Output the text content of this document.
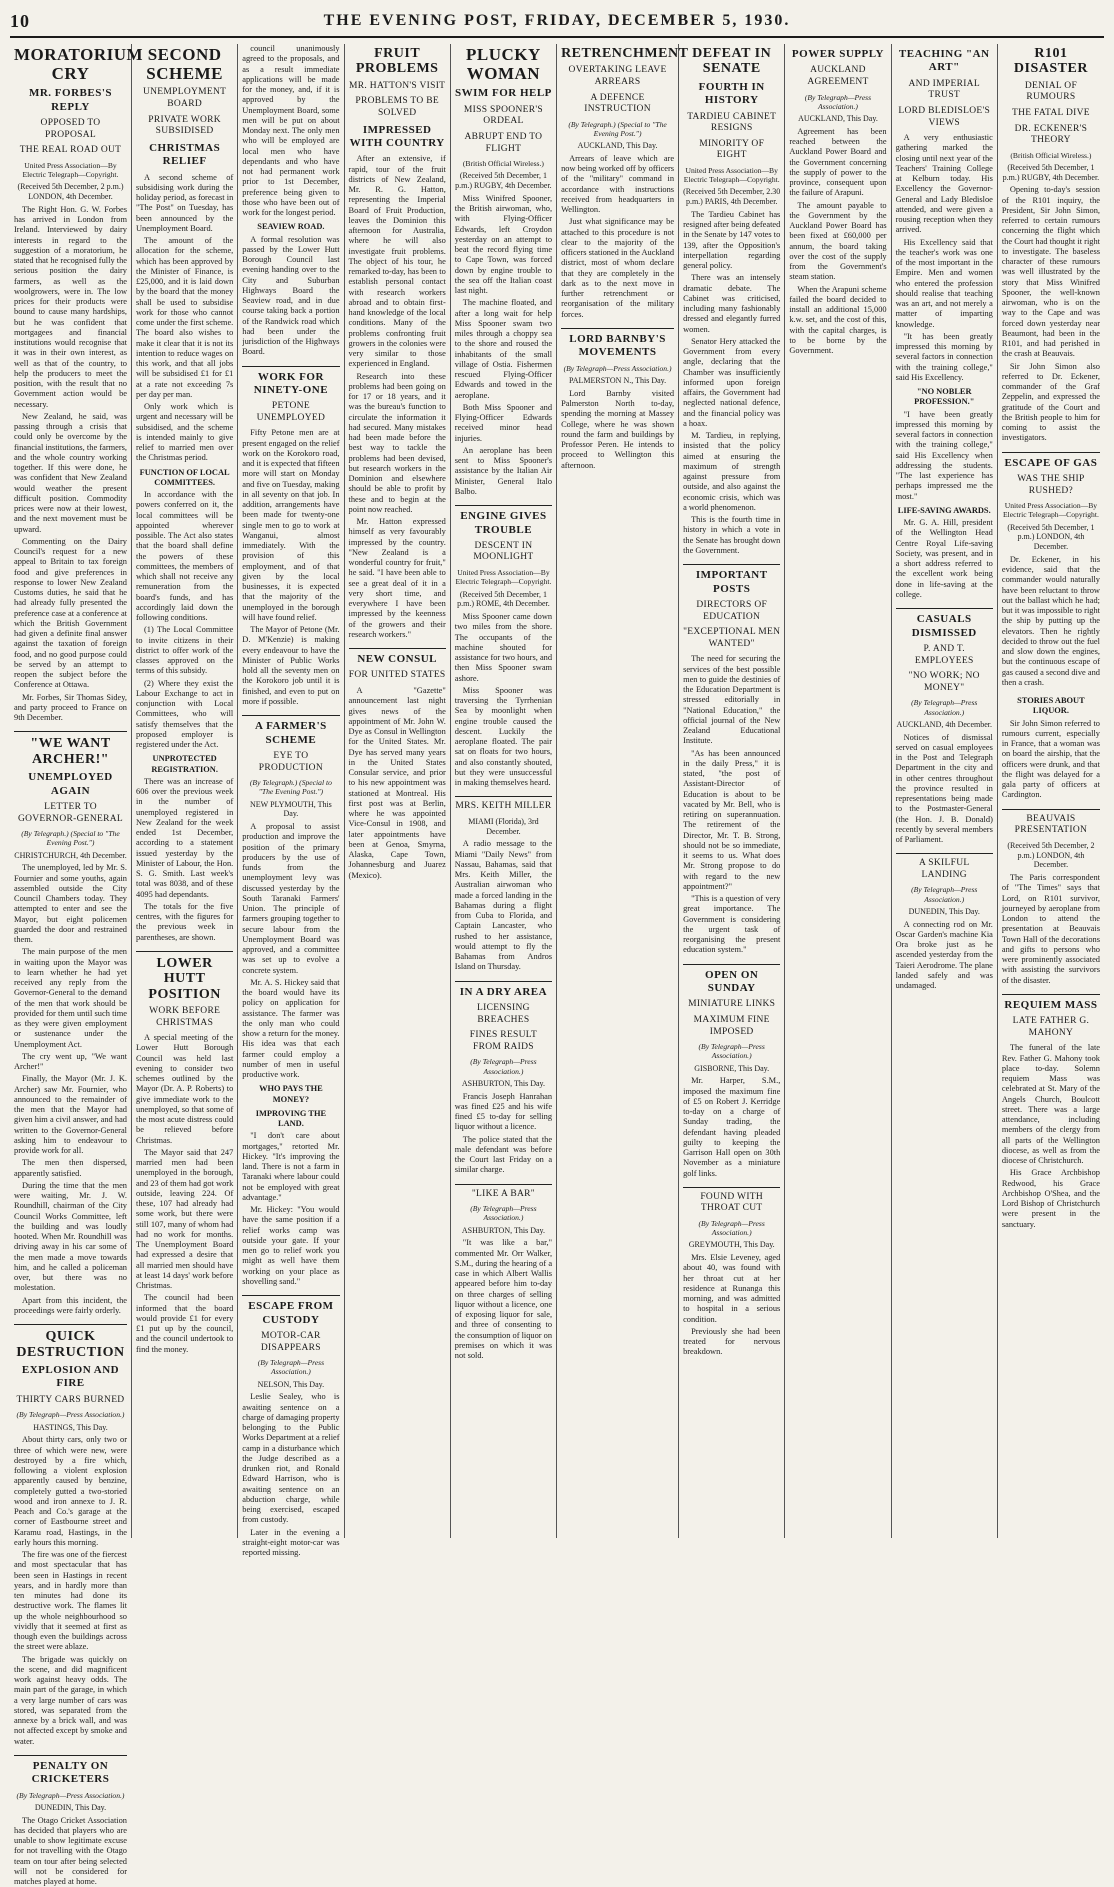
10	THE EVENING POST, FRIDAY, DECEMBER 5, 1930.
MORATORIUM CRY
MR. FORBES'S REPLY
OPPOSED TO PROPOSAL
THE REAL ROAD OUT
United Press Association—By Electric Telegraph—Copyright.
(Received 5th December, 2 p.m.) LONDON, 4th December.

The Right Hon. G. W. Forbes has arrived in London from Ireland. Interviewed by dairy interests in regard to the suggestion of a moratorium, he stated that he recognised fully the serious position the dairy farmers, as well as the woolgrowers, were in. The low prices for their products were bound to cause many hardships, but he was confident that mortgagees and financial institutions would recognise that it was in their own interest, as well as that of the country, to help the producers to meet the position, with the result that no Government action would be necessary.

New Zealand, he said, was passing through a crisis that could only be overcome by the financial institutions, the farmers, and the whole country working together. If this were done, he was confident that New Zealand would weather the present difficult position. Commodity prices were now at their lowest, and the next movement must be upward.

Commenting on the Dairy Council's request for a new appeal to Britain to tax foreign food and give preferences in response to lower New Zealand Customs duties, he said that he had already fully presented the preference case at a conference at which the British Government had given a definite final answer against the taxation of foreign food, and no good purpose could be served by an attempt to reopen the subject before the Conference at Ottawa.

Mr. Forbes, Sir Thomas Sidey, and party proceed to France on 9th December.

"WE WANT ARCHER!"
UNEMPLOYED AGAIN
LETTER TO GOVERNOR-GENERAL
(By Telegraph.) (Special to "The Evening Post.")
CHRISTCHURCH, 4th December.

The unemployed, led by Mr. S. Fournier and some youths, again assembled outside the City Council Chambers today. They attempted to enter and see the Mayor, but eight policemen guarded the door and restrained them.

The main purpose of the men in waiting upon the Mayor was to learn whether he had yet received any reply from the Governor-General to the demand of the men that work should be provided for them until such time as they were given employment or sustenance under the Unemployment Act.

The cry went up, "We want Archer!"

Finally, the Mayor (Mr. J. K. Archer) saw Mr. Fournier, who announced to the remainder of the men that the Mayor had given him a civil answer, and had written to the Governor-General asking him to endeavour to provide work for all.

The men then dispersed, apparently satisfied.

During the time that the men were waiting, Mr. J. W. Roundhill, chairman of the City Council Works Committee, left the building and was loudly hooted. When Mr. Roundhill was driving away in his car some of the men made a move towards him, and he called a policeman over, but there was no molestation.

Apart from this incident, the proceedings were fairly orderly.

QUICK DESTRUCTION
EXPLOSION AND FIRE
THIRTY CARS BURNED
(By Telegraph—Press Association.)
HASTINGS, This Day.

About thirty cars, only two or three of which were new, were destroyed by a fire which, following a violent explosion apparently caused by benzine, completely gutted a two-storied wood and iron annexe to J. R. Peach and Co.'s garage at the corner of Eastbourne street and Karamu road, Hastings, in the early hours this morning.

The fire was one of the fiercest and most spectacular that has been seen in Hastings in recent years, and in hardly more than ten minutes had done its destructive work. The flames lit up the whole neighbourhood so vividly that it seemed at first as though even the buildings across the street were ablaze.

The brigade was quickly on the scene, and did magnificent work against heavy odds. The main part of the garage, in which a very large number of cars was stored, was separated from the annexe by a brick wall, and was not affected except by smoke and water.

PENALTY ON CRICKETERS
(By Telegraph—Press Association.)
DUNEDIN, This Day.

The Otago Cricket Association has decided that players who are unable to show legitimate excuse for not travelling with the Otago team on tour after being selected will not be considered for matches played at home.

SECOND SCHEME
UNEMPLOYMENT BOARD
PRIVATE WORK SUBSIDISED
CHRISTMAS RELIEF

A second scheme of subsidising work during the holiday period, as forecast in "The Post" on Tuesday, has been announced by the Unemployment Board.

The amount of the allocation for the scheme, which has been approved by the Minister of Finance, is £25,000, and it is laid down by the board that the money shall be used to subsidise work for those who cannot come under the first scheme. The board also wishes to make it clear that it is not its intention to reduce wages on this work, and that all jobs will be subsidised £1 for £1 at a rate not exceeding 7s per day per man.

Only work which is urgent and necessary will be subsidised, and the scheme is intended mainly to give relief to married men over the Christmas period.

FUNCTION OF LOCAL COMMITTEES.

In accordance with the powers conferred on it, the local committees will be appointed wherever possible. The Act also states that the board shall define the powers of these committees, the members of which shall not receive any remuneration from the board's funds, and has accordingly laid down the following conditions.

(1) The Local Committee to invite citizens in their district to offer work of the classes approved on the terms of this subsidy.

(2) Where they exist the Labour Exchange to act in conjunction with Local Committees, who will satisfy themselves that the proposed employer is registered under the Act.

UNPROTECTED REGISTRATION.

There was an increase of 606 over the previous week in the number of unemployed registered in New Zealand for the week ended 1st December, according to a statement issued yesterday by the Minister of Labour, the Hon. S. G. Smith. Last week's total was 8038, and of these 4095 had dependants.

The totals for the five centres, with the figures for the previous week in parentheses, are shown.

LOWER HUTT POSITION
WORK BEFORE CHRISTMAS

A special meeting of the Lower Hutt Borough Council was held last evening to consider two schemes outlined by the Mayor (Dr. A. P. Roberts) to give immediate work to the unemployed, so that some of the most acute distress could be relieved before Christmas.

The Mayor said that 247 married men had been unemployed in the borough, and 23 of them had got work outside, leaving 224. Of these, 107 had already had some work, but there were still 107, many of whom had had no work for months. The Unemployment Board had expressed a desire that all married men should have at least 14 days' work before Christmas.

The council had been informed that the board would provide £1 for every £1 put up by the council, and the council undertook to find the money.

council unanimously agreed to the proposals, and as a result immediate applications will be made for the money, and, if it is approved by the Unemployment Board, some men will be put on about Monday next. The only men who will be employed are local men who have dependants and who have not had permanent work prior to 1st December, preference being given to those who have been out of work for the longest period.

SEAVIEW ROAD.

A formal resolution was passed by the Lower Hutt Borough Council last evening handing over to the City and Suburban Highways Board the Seaview road, and in due course taking back a portion of the Randwick road which had been under the jurisdiction of the Highways Board.

WORK FOR NINETY-ONE
PETONE UNEMPLOYED

Fifty Petone men are at present engaged on the relief work on the Korokoro road, and it is expected that fifteen more will start on Monday and five on Tuesday, making in all seventy on that job. In addition, arrangements have been made for twenty-one single men to go to work at Wanganui, almost immediately. With the provision of this employment, and of that given by the local businesses, it is expected that the majority of the unemployed in the borough will have found relief.

The Mayor of Petone (Mr. D. M'Kenzie) is making every endeavour to have the Minister of Public Works hold all the seventy men on the Korokoro job until it is finished, and even to put on more if possible.

A FARMER'S SCHEME
EYE TO PRODUCTION
(By Telegraph.) (Special to "The Evening Post.")
NEW PLYMOUTH, This Day.

A proposal to assist production and improve the position of the primary producers by the use of funds from the unemployment levy was discussed yesterday by the South Taranaki Farmers' Union. The principle of farmers grouping together to secure labour from the Unemployment Board was approved, and a committee was set up to evolve a concrete system.

Mr. A. S. Hickey said that the board would have its policy on application for assistance. The farmer was the only man who could show a return for the money. His idea was that each farmer could employ a number of men in useful productive work.

WHO PAYS THE MONEY?
IMPROVING THE LAND.

"I don't care about mortgages," retorted Mr. Hickey. "It's improving the land. There is not a farm in Taranaki where labour could not be employed with great advantage."

Mr. Hickey: "You would have the same position if a relief works camp was outside your gate. If your men go to relief work you might as well have them working on your place as shovelling sand."

ESCAPE FROM CUSTODY
MOTOR-CAR DISAPPEARS
(By Telegraph—Press Association.)
NELSON, This Day.

Leslie Sealey, who is awaiting sentence on a charge of damaging property belonging to the Public Works Department at a relief camp in a disturbance which the Judge described as a drunken riot, and Ronald Edward Harrison, who is awaiting sentence on an abduction charge, while being exercised, escaped from custody.

Later in the evening a straight-eight motor-car was reported missing.

FRUIT PROBLEMS
MR. HATTON'S VISIT
PROBLEMS TO BE SOLVED
IMPRESSED WITH COUNTRY

After an extensive, if rapid, tour of the fruit districts of New Zealand, Mr. R. G. Hatton, representing the Imperial Board of Fruit Production, leaves the Dominion this afternoon for Australia, where he will also investigate fruit problems. The object of his tour, he remarked to-day, has been to establish personal contact with research workers abroad and to obtain first-hand knowledge of the local conditions. Many of the problems confronting fruit growers in the colonies were very similar to those experienced in England.

Research into these problems had been going on for 17 or 18 years, and it was the bureau's function to circulate the information it had secured. Many mistakes had been made before the best way to tackle the problems had been devised, but research workers in the Dominion and elsewhere should be able to profit by these and to begin at the point now reached.

Mr. Hatton expressed himself as very favourably impressed by the country. "New Zealand is a wonderful country for fruit," he said. "I have been able to see a great deal of it in a very short time, and everywhere I have been impressed by the keenness of the growers and their research workers."

NEW CONSUL
FOR UNITED STATES

A "Gazette" announcement last night gives news of the appointment of Mr. John W. Dye as Consul in Wellington for the United States. Mr. Dye has served many years in the United States Consular service, and prior to his new appointment was stationed at Montreal. His first post was at Berlin, where he was appointed Vice-Consul in 1908, and later appointments have been at Genoa, Smyrna, Alaska, Cape Town, Johannesburg and Juarez (Mexico).

PLUCKY WOMAN
SWIM FOR HELP
MISS SPOONER'S ORDEAL
ABRUPT END TO FLIGHT
(British Official Wireless.)
(Received 5th December, 1 p.m.) RUGBY, 4th December.

Miss Winifred Spooner, the British airwoman, who, with Flying-Officer Edwards, left Croydon yesterday on an attempt to beat the record flying time to Cape Town, was forced down by engine trouble to the sea off the Italian coast last night.

The machine floated, and after a long wait for help Miss Spooner swam two miles through a choppy sea to the shore and roused the inhabitants of the small village of Ostia. Fishermen rescued Flying-Officer Edwards and towed in the aeroplane.

Both Miss Spooner and Flying-Officer Edwards received minor head injuries.

An aeroplane has been sent to Miss Spooner's assistance by the Italian Air Minister, General Italo Balbo.

ENGINE GIVES TROUBLE
DESCENT IN MOONLIGHT
United Press Association—By Electric Telegraph—Copyright.
(Received 5th December, 1 p.m.) ROME, 4th December.

Miss Spooner came down two miles from the shore. The occupants of the machine shouted for assistance for two hours, and then Miss Spooner swam ashore.

Miss Spooner was traversing the Tyrrhenian Sea by moonlight when engine trouble caused the descent. Luckily the aeroplane floated. The pair sat on floats for two hours, and also constantly shouted, but they were unsuccessful in making themselves heard.

MRS. KEITH MILLER
MIAMI (Florida), 3rd December.

A radio message to the Miami "Daily News" from Nassau, Bahamas, said that Mrs. Keith Miller, the Australian airwoman who made a forced landing in the Bahamas during a flight from Cuba to Florida, and Captain Lancaster, who rushed to her assistance, would attempt to fly the Bahamas from Andros Island on Thursday.

IN A DRY AREA
LICENSING BREACHES
FINES RESULT FROM RAIDS
(By Telegraph—Press Association.)
ASHBURTON, This Day.

Francis Joseph Hanrahan was fined £25 and his wife fined £5 to-day for selling liquor without a licence.

The police stated that the male defendant was before the Court last Friday on a similar charge.

"LIKE A BAR"
(By Telegraph—Press Association.)
ASHBURTON, This Day.

"It was like a bar," commented Mr. Orr Walker, S.M., during the hearing of a case in which Albert Wallis appeared before him to-day on three charges of selling liquor without a licence, one of exposing liquor for sale, and three of consenting to the consumption of liquor on premises on which it was not sold.

RETRENCHMENT
OVERTAKING LEAVE ARREARS
A DEFENCE INSTRUCTION
(By Telegraph.) (Special to "The Evening Post.")
AUCKLAND, This Day.

Arrears of leave which are now being worked off by officers of the "military" command in accordance with instructions received from headquarters in Wellington.

Just what significance may be attached to this procedure is not clear to the majority of the officers stationed in the Auckland district, most of whom declare that they are completely in the dark as to the next move in further retrenchment or reorganisation of the military forces.

LORD BARNBY'S MOVEMENTS
(By Telegraph—Press Association.)
PALMERSTON N., This Day.

Lord Barnby visited Palmerston North to-day, spending the morning at Massey College, where he was shown round the farm and buildings by Professor Peren. He intends to proceed to Wellington this afternoon.

DEFEAT IN SENATE
FOURTH IN HISTORY
TARDIEU CABINET RESIGNS
MINORITY OF EIGHT
United Press Association—By Electric Telegraph—Copyright.
(Received 5th December, 2.30 p.m.) PARIS, 4th December.

The Tardieu Cabinet has resigned after being defeated in the Senate by 147 votes to 139, after the Opposition's interpellation regarding general policy.

There was an intensely dramatic debate. The Cabinet was criticised, including many fashionably dressed and elegantly furred women.

Senator Hery attacked the Government from every angle, declaring that the Chamber was insufficiently informed upon foreign affairs, the Government had neglected national defence, and the financial policy was a hoax.

M. Tardieu, in replying, insisted that the policy aimed at ensuring the maximum of strength against pressure from outside, and also against the economic crisis, which was a world phenomenon.

This is the fourth time in history in which a vote in the Senate has brought down the Government.

IMPORTANT POSTS
DIRECTORS OF EDUCATION
"EXCEPTIONAL MEN WANTED"

The need for securing the services of the best possible men to guide the destinies of the Education Department is stressed editorially in "National Education," the official journal of the New Zealand Educational Institute.

"As has been announced in the daily Press," it is stated, "the post of Assistant-Director of Education is about to be vacated by Mr. Bell, who is retiring on superannuation. The retirement of the Director, Mr. T. B. Strong, should not be so immediate, it seems to us. What does Mr. Strong propose to do with regard to the new appointment?"

"This is a question of very great importance. The Government is considering the urgent task of reorganising the present education system."

OPEN ON SUNDAY
MINIATURE LINKS
MAXIMUM FINE IMPOSED
(By Telegraph—Press Association.)
GISBORNE, This Day.

Mr. Harper, S.M., imposed the maximum fine of £5 on Robert J. Kerridge to-day on a charge of Sunday trading, the defendant having pleaded guilty to keeping the Garrison Hall open on 30th November as a miniature golf links.

FOUND WITH THROAT CUT
(By Telegraph—Press Association.)
GREYMOUTH, This Day.

Mrs. Elsie Leveney, aged about 40, was found with her throat cut at her residence at Runanga this morning, and was admitted to hospital in a serious condition.

Previously she had been treated for nervous breakdown.

POWER SUPPLY
AUCKLAND AGREEMENT
(By Telegraph—Press Association.)
AUCKLAND, This Day.

Agreement has been reached between the Auckland Power Board and the Government concerning the supply of power to the province, consequent upon the failure of Arapuni.

The amount payable to the Government by the Auckland Power Board has been fixed at £60,000 per annum, the board taking over the cost of the supply from the Government's steam station.

When the Arapuni scheme failed the board decided to install an additional 15,000 k.w. set, and the cost of this, with the capital charges, is to be borne by the Government.

TEACHING "AN ART"
AND IMPERIAL TRUST
LORD BLEDISLOE'S VIEWS

A very enthusiastic gathering marked the closing until next year of the Teachers' Training College at Kelburn today. His Excellency the Governor-General and Lady Bledisloe attended, and were given a rousing reception when they arrived.

His Excellency said that the teacher's work was one of the most important in the Empire. Men and women who entered the profession should realise that teaching was an art, and not merely a matter of imparting knowledge.

"It has been greatly impressed this morning by several factors in connection with the training college," said His Excellency.

"NO NOBLER PROFESSION."

"I have been greatly impressed this morning by several factors in connection with the training college," said His Excellency when addressing the students. "The last experience has perhaps impressed me the most."

LIFE-SAVING AWARDS.

Mr. G. A. Hill, president of the Wellington Head Centre Royal Life-saving Society, was present, and in a short address referred to the excellent work being done in life-saving at the college.

CASUALS DISMISSED
P. AND T. EMPLOYEES
"NO WORK; NO MONEY"
(By Telegraph—Press Association.)
AUCKLAND, 4th December.

Notices of dismissal served on casual employees in the Post and Telegraph Department in the city and in other centres throughout the province resulted in representations being made to the Postmaster-General (the Hon. J. B. Donald) recently by several members of Parliament.

A SKILFUL LANDING
(By Telegraph—Press Association.)
DUNEDIN, This Day.

A connecting rod on Mr. Oscar Garden's machine Kia Ora broke just as he ascended yesterday from the Taieri Aerodrome. The plane landed safely and was undamaged.

R101 DISASTER
DENIAL OF RUMOURS
THE FATAL DIVE
DR. ECKENER'S THEORY
(British Official Wireless.)
(Received 5th December, 1 p.m.) RUGBY, 4th December.

Opening to-day's session of the R101 inquiry, the President, Sir John Simon, referred to certain rumours concerning the flight which the Court had thought it right to investigate. The baseless character of these rumours was well illustrated by the story that Miss Winifred Spooner, the well-known airwoman, who is on the way to the Cape and was forced down yesterday near Beaumont, had been in the R101, and had perished in the crash at Beauvais.

Sir John Simon also referred to Dr. Eckener, commander of the Graf Zeppelin, and expressed the gratitude of the Court and the British people to him for coming to assist the investigators.

ESCAPE OF GAS
WAS THE SHIP RUSHED?
United Press Association—By Electric Telegraph—Copyright.
(Received 5th December, 1 p.m.) LONDON, 4th December.

Dr. Eckener, in his evidence, said that the commander would naturally have been reluctant to throw out the ballast which he had; but it was impossible to right the ship by putting up the elevators. Then he rightly decided to throw out the fuel and slow down the engines, but the continuous escape of gas caused a second dive and then a crash.

STORIES ABOUT LIQUOR.

Sir John Simon referred to rumours current, especially in France, that a woman was on board the airship, that the officers were drunk, and that the flight was delayed for a gala party of officers at Cardington.

BEAUVAIS PRESENTATION
(Received 5th December, 2 p.m.) LONDON, 4th December.

The Paris correspondent of "The Times" says that Lord, on R101 survivor, journeyed by aeroplane from London to attend the presentation at Beauvais Town Hall of the decorations and gifts to persons who were prominently associated with assisting the survivors of the disaster.

REQUIEM MASS
LATE FATHER G. MAHONY

The funeral of the late Rev. Father G. Mahony took place to-day. Solemn requiem Mass was celebrated at St. Mary of the Angels Church, Boulcott street. There was a large attendance, including members of the clergy from all parts of the Wellington diocese, as well as from the diocese of Christchurch.

His Grace Archbishop Redwood, his Grace Archbishop O'Shea, and the Lord Bishop of Christchurch were present in the sanctuary.
